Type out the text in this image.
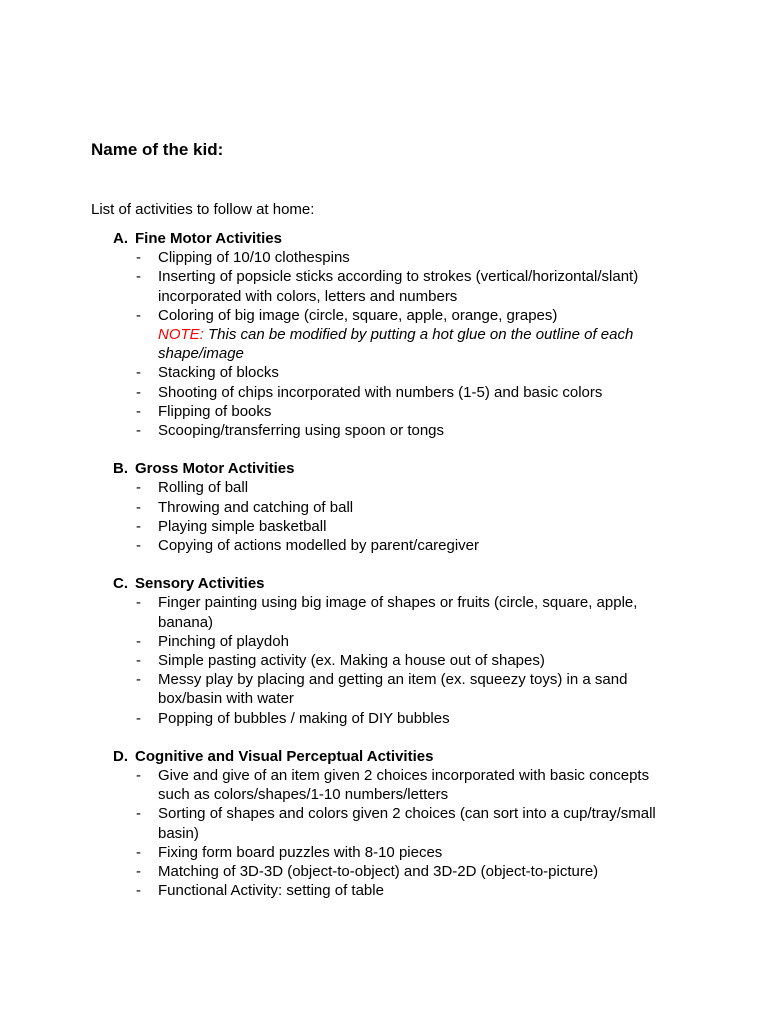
Name of the kid:

List of activities to follow at home:

A. Fine Motor Activities
-	Clipping of 10/10 clothespins
-	Inserting of popsicle sticks according to strokes (vertical/horizontal/slant) incorporated with colors, letters and numbers
-	Coloring of big image (circle, square, apple, orange, grapes)
NOTE: This can be modified by putting a hot glue on the outline of each shape/image
-	Stacking of blocks
-	Shooting of chips incorporated with numbers (1-5) and basic colors
-	Flipping of books
-	Scooping/transferring using spoon or tongs
B. Gross Motor Activities
-	Rolling of ball
-	Throwing and catching of ball
-	Playing simple basketball
-	Copying of actions modelled by parent/caregiver
C. Sensory Activities
-	Finger painting using big image of shapes or fruits (circle, square, apple, banana)
-	Pinching of playdoh
-	Simple pasting activity (ex. Making a house out of shapes)
-	Messy play by placing and getting an item (ex. squeezy toys) in a sand box/basin with water
-	Popping of bubbles / making of DIY bubbles
D. Cognitive and Visual Perceptual Activities
-	Give and give of an item given 2 choices incorporated with basic concepts such as colors/shapes/1-10 numbers/letters
-	Sorting of shapes and colors given 2 choices (can sort into a cup/tray/small basin)
-	Fixing form board puzzles with 8-10 pieces
-	Matching of 3D-3D (object-to-object) and 3D-2D (object-to-picture)
-	Functional Activity: setting of table
